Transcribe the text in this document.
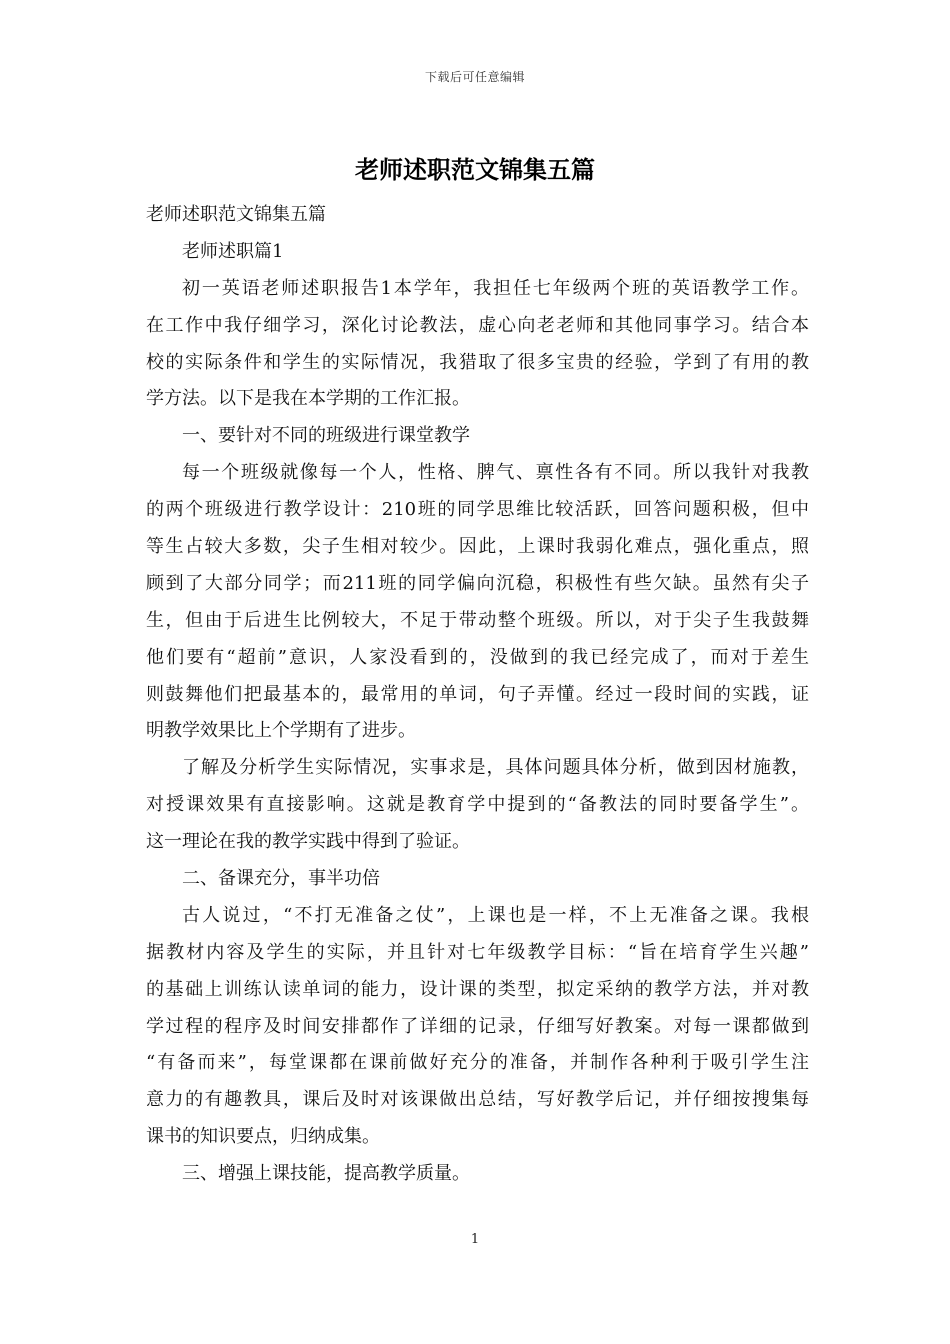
下载后可任意编辑
老师述职范文锦集五篇
老师述职范文锦集五篇
老师述职篇1
初一英语老师述职报告1本学年，我担任七年级两个班的英语教学工作。
在工作中我仔细学习，深化讨论教法，虚心向老老师和其他同事学习。结合本
校的实际条件和学生的实际情况，我猎取了很多宝贵的经验，学到了有用的教
学方法。以下是我在本学期的工作汇报。
一、要针对不同的班级进行课堂教学
每一个班级就像每一个人，性格、脾气、禀性各有不同。所以我针对我教
的两个班级进行教学设计：210班的同学思维比较活跃，回答问题积极，但中
等生占较大多数，尖子生相对较少。因此，上课时我弱化难点，强化重点，照
顾到了大部分同学；而211班的同学偏向沉稳，积极性有些欠缺。虽然有尖子
生，但由于后进生比例较大，不足于带动整个班级。所以，对于尖子生我鼓舞
他们要有“超前”意识，人家没看到的，没做到的我已经完成了，而对于差生
则鼓舞他们把最基本的，最常用的单词，句子弄懂。经过一段时间的实践，证
明教学效果比上个学期有了进步。
了解及分析学生实际情况，实事求是，具体问题具体分析，做到因材施教，
对授课效果有直接影响。这就是教育学中提到的“备教法的同时要备学生”。
这一理论在我的教学实践中得到了验证。
二、备课充分，事半功倍
古人说过，“不打无准备之仗”，上课也是一样，不上无准备之课。我根
据教材内容及学生的实际，并且针对七年级教学目标：“旨在培育学生兴趣”
的基础上训练认读单词的能力，设计课的类型，拟定采纳的教学方法，并对教
学过程的程序及时间安排都作了详细的记录，仔细写好教案。对每一课都做到
“有备而来”，每堂课都在课前做好充分的准备，并制作各种利于吸引学生注
意力的有趣教具，课后及时对该课做出总结，写好教学后记，并仔细按搜集每
课书的知识要点，归纳成集。
三、增强上课技能，提高教学质量。
1
